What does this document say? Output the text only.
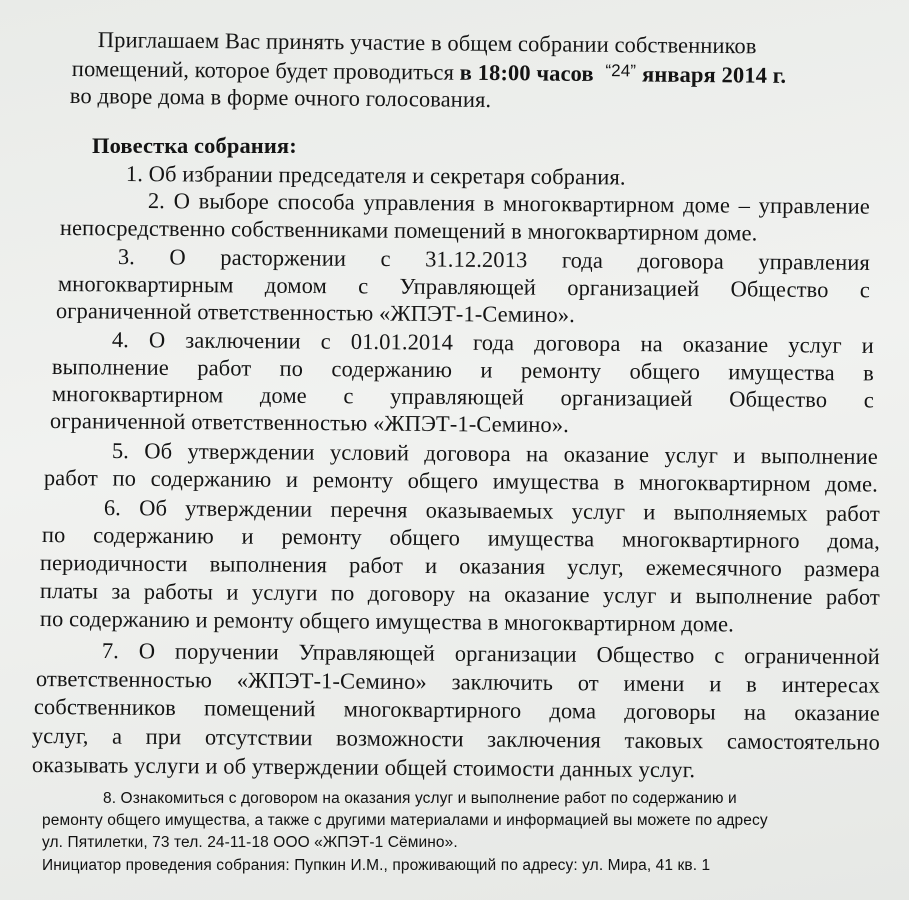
Приглашаем Вас принять участие в общем собрании собственников
помещений, которое будет проводиться в 18:00 часов $^{“24”}$ января 2014 г.
во дворе дома в форме очного голосования.
Повестка собрания:
1. Об избрании председателя и секретаря собрания.
2. О выборе способа управления в многоквартирном доме – управление
непосредственно собственниками помещений в многоквартирном доме.
3. О расторжении с 31.12.2013 года договора управления
многоквартирным домом с Управляющей организацией Общество с
ограниченной ответственностью «ЖПЭТ-1-Семино».
4. О заключении с 01.01.2014 года договора на оказание услуг и
выполнение работ по содержанию и ремонту общего имущества в
многоквартирном доме с управляющей организацией Общество с
ограниченной ответственностью «ЖПЭТ-1-Семино».
5. Об утверждении условий договора на оказание услуг и выполнение
работ по содержанию и ремонту общего имущества в многоквартирном доме.
6. Об утверждении перечня оказываемых услуг и выполняемых работ
по содержанию и ремонту общего имущества многоквартирного дома,
периодичности выполнения работ и оказания услуг, ежемесячного размера
платы за работы и услуги по договору на оказание услуг и выполнение работ
по содержанию и ремонту общего имущества в многоквартирном доме.
7. О поручении Управляющей организации Общество с ограниченной
ответственностью «ЖПЭТ-1-Семино» заключить от имени и в интересах
собственников помещений многоквартирного дома договоры на оказание
услуг, а при отсутствии возможности заключения таковых самостоятельно
оказывать услуги и об утверждении общей стоимости данных услуг.
8. Ознакомиться с договором на оказания услуг и выполнение работ по содержанию и
ремонту общего имущества, а также с другими материалами и информацией вы можете по адресу
ул. Пятилетки, 73 тел. 24-11-18 ООО «ЖПЭТ-1 Сёмино».
Инициатор проведения собрания: Пупкин И.М., проживающий по адресу: ул. Мира, 41 кв. 1
